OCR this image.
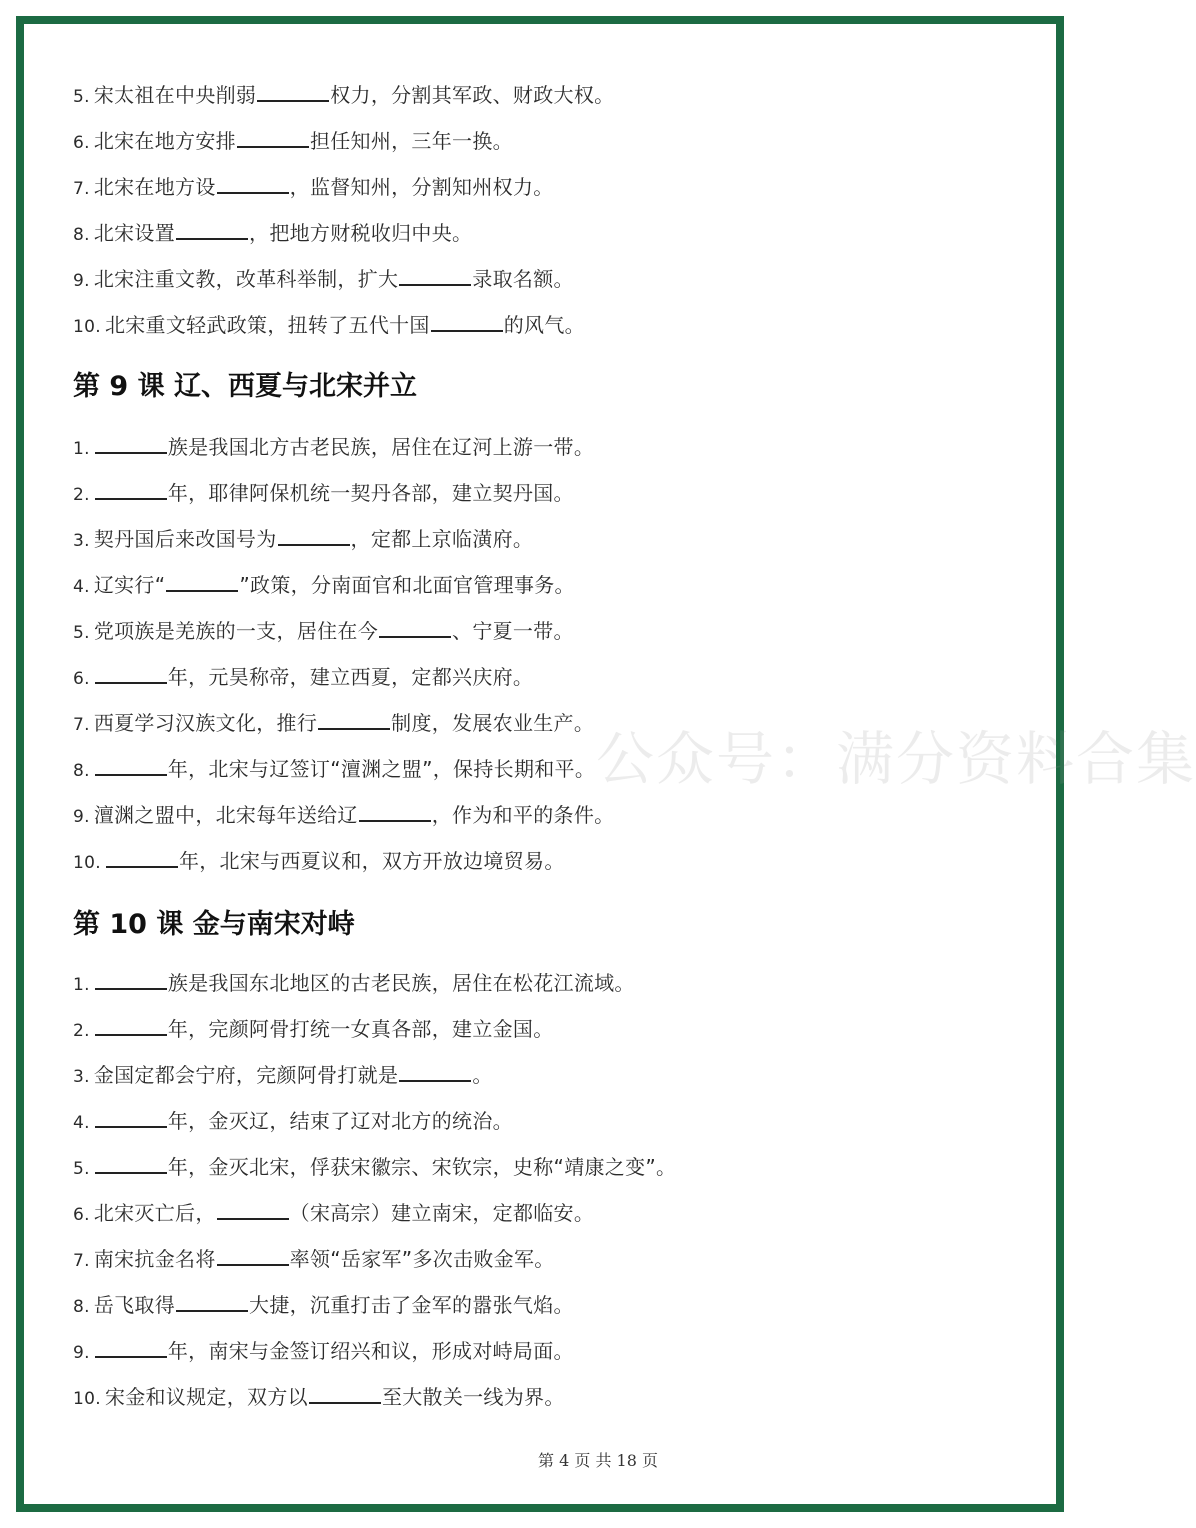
5. 宋太祖在中央削弱	权力，分割其军政、财政大权。
6. 北宋在地方安排	担任知州，三年一换。
7. 北宋在地方设	，监督知州，分割知州权力。
8. 北宋设置	，把地方财税收归中央。
9. 北宋注重文教，改革科举制，扩大	录取名额。
10. 北宋重文轻武政策，扭转了五代十国	的风气。
第 9 课 辽、西夏与北宋并立
1.	族是我国北方古老民族，居住在辽河上游一带。
2.	年，耶律阿保机统一契丹各部，建立契丹国。
3. 契丹国后来改国号为	，定都上京临潢府。
4. 辽实行“	”政策，分南面官和北面官管理事务。
5. 党项族是羌族的一支，居住在今	、宁夏一带。
6.	年，元昊称帝，建立西夏，定都兴庆府。
7. 西夏学习汉族文化，推行	制度，发展农业生产。
8.	年，北宋与辽签订“澶渊之盟”，保持长期和平。
9. 澶渊之盟中，北宋每年送给辽	，作为和平的条件。
10.	年，北宋与西夏议和，双方开放边境贸易。
第 10 课 金与南宋对峙
1.	族是我国东北地区的古老民族，居住在松花江流域。
2.	年，完颜阿骨打统一女真各部，建立金国。
3. 金国定都会宁府，完颜阿骨打就是	。
4.	年，金灭辽，结束了辽对北方的统治。
5.	年，金灭北宋，俘获宋徽宗、宋钦宗，史称“靖康之变”。
6. 北宋灭亡后，	（宋高宗）建立南宋，定都临安。
7. 南宋抗金名将	率领“岳家军”多次击败金军。
8. 岳飞取得	大捷，沉重打击了金军的嚣张气焰。
9.	年，南宋与金签订绍兴和议，形成对峙局面。
10. 宋金和议规定，双方以	至大散关一线为界。
公众号：满分资料合集
第 4 页 共 18 页
